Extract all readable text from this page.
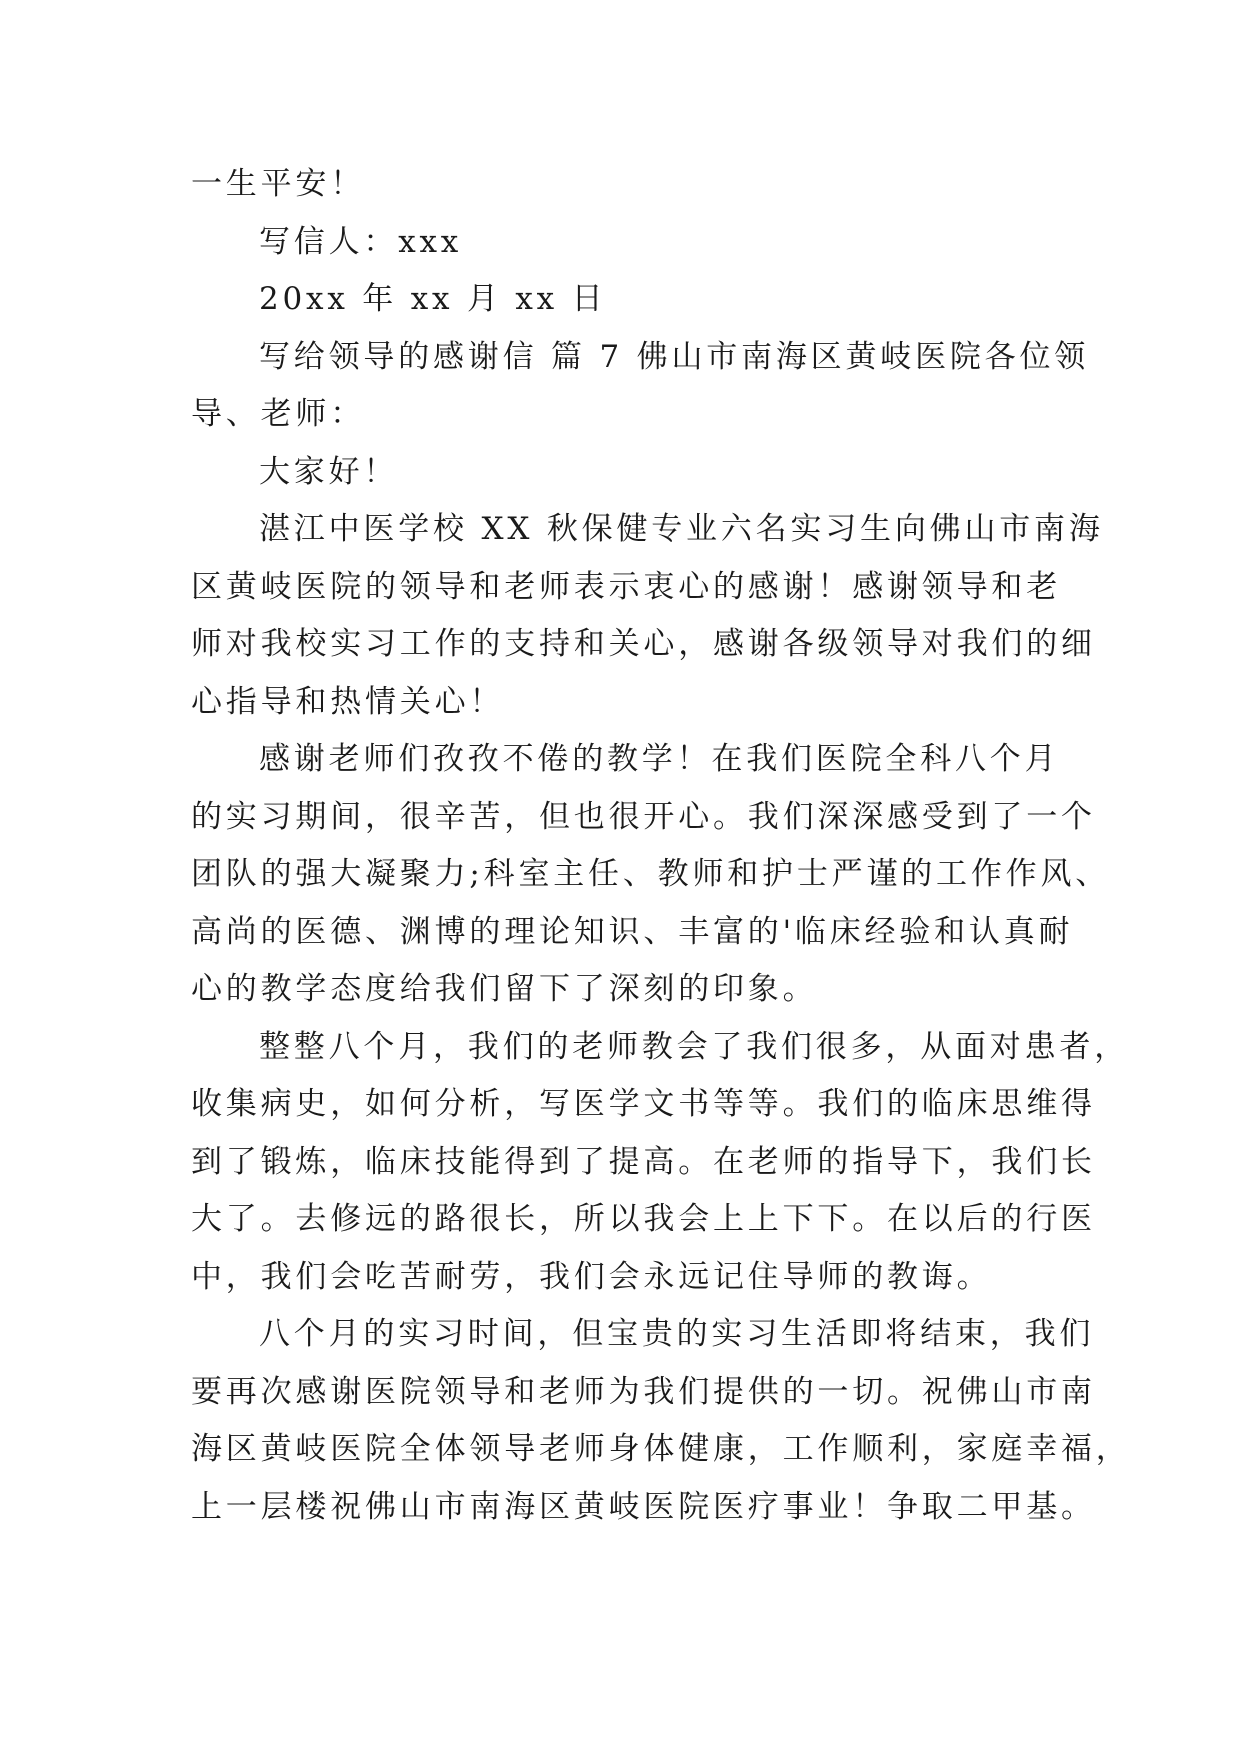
一生平安！
写信人：xxx
20xx 年 xx 月 xx 日
写给领导的感谢信 篇 7 佛山市南海区黄岐医院各位领
导、老师：
大家好！
湛江中医学校 XX 秋保健专业六名实习生向佛山市南海
区黄岐医院的领导和老师表示衷心的感谢！感谢领导和老
师对我校实习工作的支持和关心，感谢各级领导对我们的细
心指导和热情关心！
感谢老师们孜孜不倦的教学！在我们医院全科八个月
的实习期间，很辛苦，但也很开心。我们深深感受到了一个
团队的强大凝聚力;科室主任、教师和护士严谨的工作作风、
高尚的医德、渊博的理论知识、丰富的'临床经验和认真耐
心的教学态度给我们留下了深刻的印象。
整整八个月，我们的老师教会了我们很多，从面对患者，
收集病史，如何分析，写医学文书等等。我们的临床思维得
到了锻炼，临床技能得到了提高。在老师的指导下，我们长
大了。去修远的路很长，所以我会上上下下。在以后的行医
中，我们会吃苦耐劳，我们会永远记住导师的教诲。
八个月的实习时间，但宝贵的实习生活即将结束，我们
要再次感谢医院领导和老师为我们提供的一切。祝佛山市南
海区黄岐医院全体领导老师身体健康，工作顺利，家庭幸福，
上一层楼祝佛山市南海区黄岐医院医疗事业！争取二甲基。
